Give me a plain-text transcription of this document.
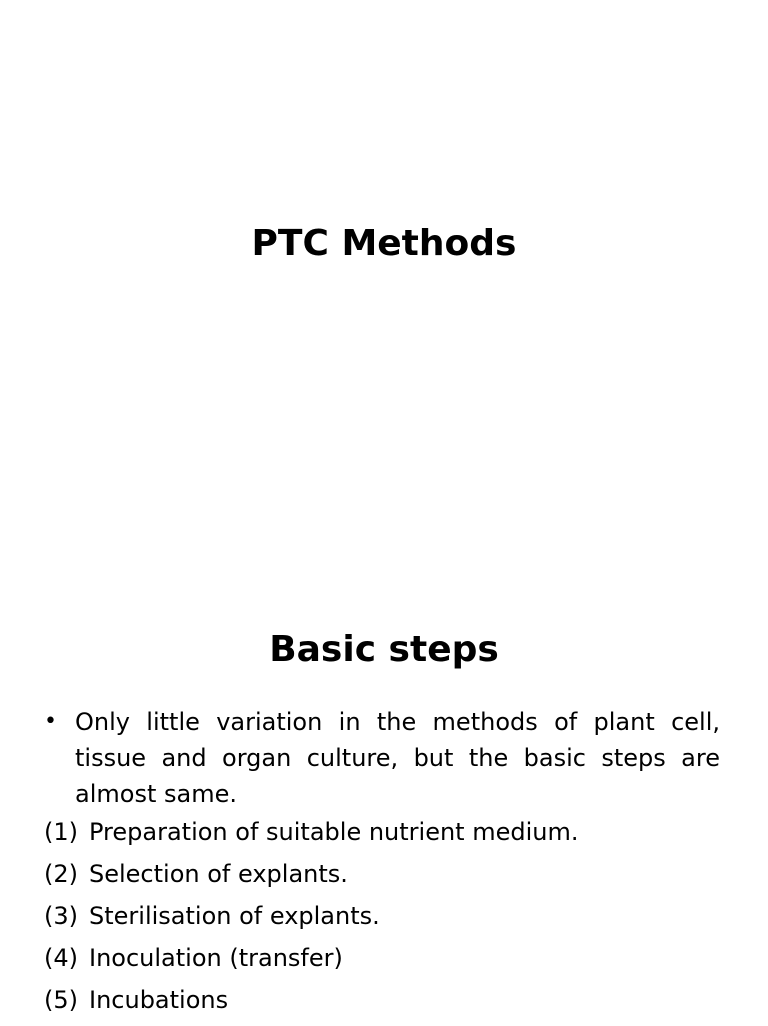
PTC Methods
Basic steps
• Only little variation in the methods of plant cell, tissue and organ culture, but the basic steps are almost same.
(1) Preparation of suitable nutrient medium.
(2) Selection of explants.
(3) Sterilisation of explants.
(4) Inoculation (transfer)
(5) Incubations
